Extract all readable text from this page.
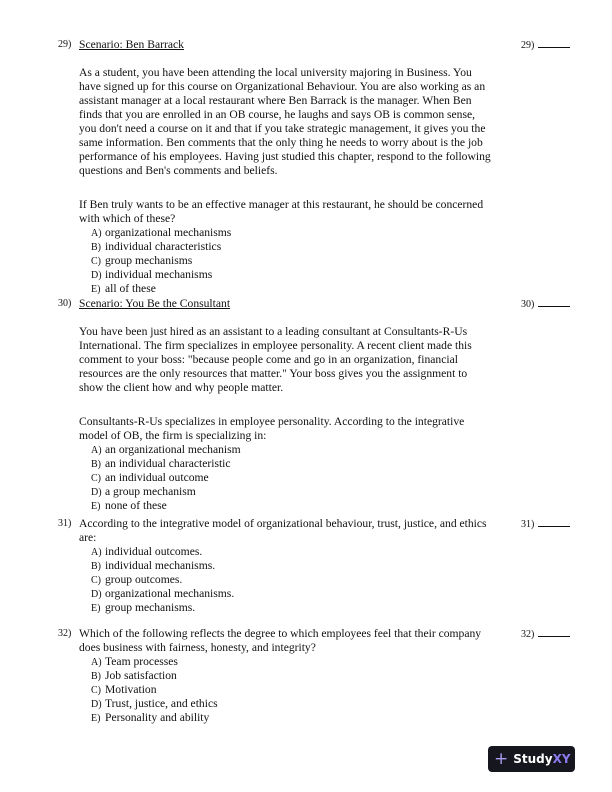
29)	29)
Scenario: Ben Barrack
As a student, you have been attending the local university majoring in Business. You
have signed up for this course on Organizational Behaviour. You are also working as an
assistant manager at a local restaurant where Ben Barrack is the manager. When Ben
finds that you are enrolled in an OB course, he laughs and says OB is common sense,
you don't need a course on it and that if you take strategic management, it gives you the
same information. Ben comments that the only thing he needs to worry about is the job
performance of his employees. Having just studied this chapter, respond to the following
questions and Ben's comments and beliefs.
If Ben truly wants to be an effective manager at this restaurant, he should be concerned
with which of these?
A) organizational mechanisms
B) individual characteristics
C) group mechanisms
D) individual mechanisms
E) all of these
30)	30)
Scenario: You Be the Consultant
You have been just hired as an assistant to a leading consultant at Consultants-R-Us
International. The firm specializes in employee personality. A recent client made this
comment to your boss: "because people come and go in an organization, financial
resources are the only resources that matter." Your boss gives you the assignment to
show the client how and why people matter.
Consultants-R-Us specializes in employee personality. According to the integrative
model of OB, the firm is specializing in:
A) an organizational mechanism
B) an individual characteristic
C) an individual outcome
D) a group mechanism
E) none of these
31)	31)
According to the integrative model of organizational behaviour, trust, justice, and ethics
are:
A) individual outcomes.
B) individual mechanisms.
C) group outcomes.
D) organizational mechanisms.
E) group mechanisms.
32)	32)
Which of the following reflects the degree to which employees feel that their company
does business with fairness, honesty, and integrity?
A) Team processes
B) Job satisfaction
C) Motivation
D) Trust, justice, and ethics
E) Personality and ability
+ Study XY
